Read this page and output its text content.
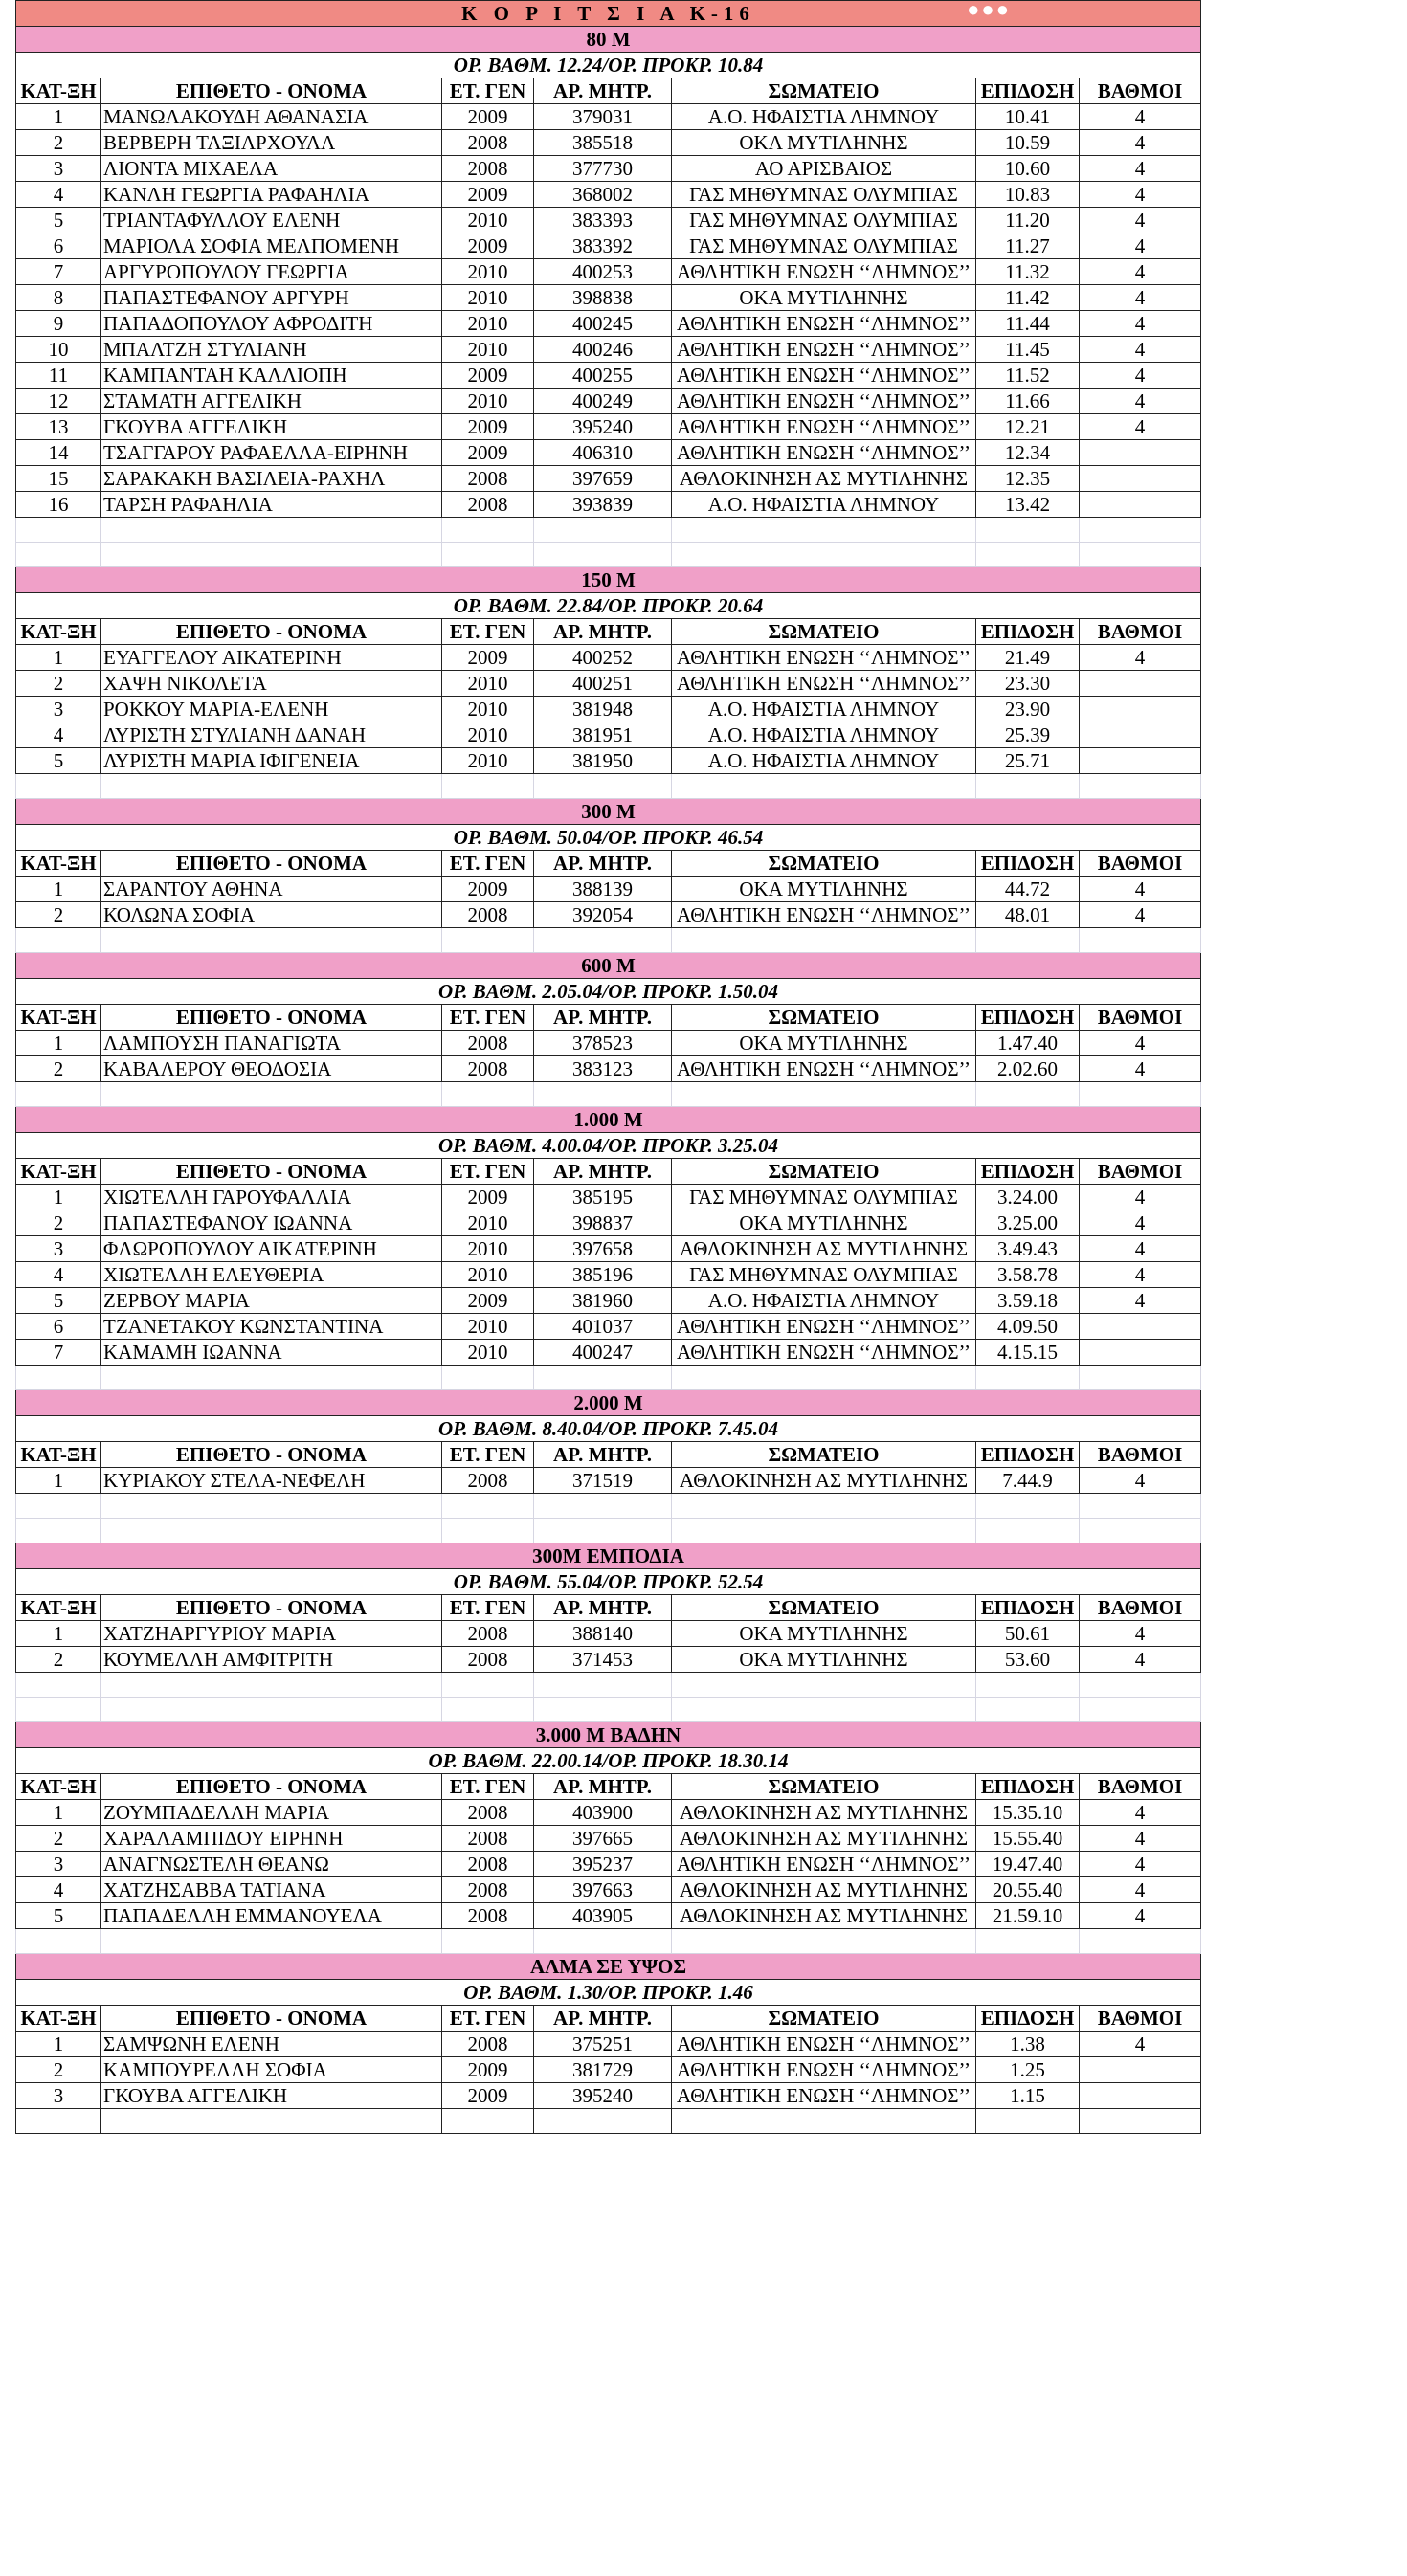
Κ Ο Ρ Ι Τ Σ Ι Α Κ-16 ●●●						

80 M						
ΟΡ. ΒΑΘΜ. 12.24/ΟΡ. ΠΡΟΚΡ. 10.84						
ΚΑΤ-ΞΗ	ΕΠΙΘΕΤΟ - ΟΝΟΜΑ	ΕΤ. ΓΕΝ	ΑΡ. ΜΗΤΡ.	ΣΩΜΑΤΕΙΟ	ΕΠΙΔΟΣΗ	ΒΑΘΜΟΙ
1	ΜΑΝΩΛΑΚΟΥΔΗ ΑΘΑΝΑΣΙΑ	2009	379031	Α.Ο. ΗΦΑΙΣΤΙΑ ΛΗΜΝΟΥ	10.41	4
2	ΒΕΡΒΕΡΗ ΤΑΞΙΑΡΧΟΥΛΑ	2008	385518	ΟΚΑ ΜΥΤΙΛΗΝΗΣ	10.59	4
3	ΛΙΟΝΤΑ ΜΙΧΑΕΛΑ	2008	377730	ΑΟ ΑΡΙΣΒΑΙΟΣ	10.60	4
4	ΚΑΝΛΗ ΓΕΩΡΓΙΑ ΡΑΦΑΗΛΙΑ	2009	368002	ΓΑΣ ΜΗΘΥΜΝΑΣ ΟΛΥΜΠΙΑΣ	10.83	4
5	ΤΡΙΑΝΤΑΦΥΛΛΟΥ ΕΛΕΝΗ	2010	383393	ΓΑΣ ΜΗΘΥΜΝΑΣ ΟΛΥΜΠΙΑΣ	11.20	4
6	ΜΑΡΙΟΛΑ ΣΟΦΙΑ ΜΕΛΠΟΜΕΝΗ	2009	383392	ΓΑΣ ΜΗΘΥΜΝΑΣ ΟΛΥΜΠΙΑΣ	11.27	4
7	ΑΡΓΥΡΟΠΟΥΛΟΥ ΓΕΩΡΓΙΑ	2010	400253	ΑΘΛΗΤΙΚΗ ΕΝΩΣΗ ‘‘ΛΗΜΝΟΣ’’	11.32	4
8	ΠΑΠΑΣΤΕΦΑΝΟΥ ΑΡΓΥΡΗ	2010	398838	ΟΚΑ ΜΥΤΙΛΗΝΗΣ	11.42	4
9	ΠΑΠΑΔΟΠΟΥΛΟΥ ΑΦΡΟΔΙΤΗ	2010	400245	ΑΘΛΗΤΙΚΗ ΕΝΩΣΗ ‘‘ΛΗΜΝΟΣ’’	11.44	4
10	ΜΠΑΛΤΖΗ ΣΤΥΛΙΑΝΗ	2010	400246	ΑΘΛΗΤΙΚΗ ΕΝΩΣΗ ‘‘ΛΗΜΝΟΣ’’	11.45	4
11	ΚΑΜΠΑΝΤΑΗ ΚΑΛΛΙΟΠΗ	2009	400255	ΑΘΛΗΤΙΚΗ ΕΝΩΣΗ ‘‘ΛΗΜΝΟΣ’’	11.52	4
12	ΣΤΑΜΑΤΗ ΑΓΓΕΛΙΚΗ	2010	400249	ΑΘΛΗΤΙΚΗ ΕΝΩΣΗ ‘‘ΛΗΜΝΟΣ’’	11.66	4
13	ΓΚΟΥΒΑ ΑΓΓΕΛΙΚΗ	2009	395240	ΑΘΛΗΤΙΚΗ ΕΝΩΣΗ ‘‘ΛΗΜΝΟΣ’’	12.21	4
14	ΤΣΑΓΓΑΡΟΥ ΡΑΦΑΕΛΛΑ-ΕΙΡΗΝΗ	2009	406310	ΑΘΛΗΤΙΚΗ ΕΝΩΣΗ ‘‘ΛΗΜΝΟΣ’’	12.34	
15	ΣΑΡΑΚΑΚΗ ΒΑΣΙΛΕΙΑ-ΡΑΧΗΛ	2008	397659	ΑΘΛΟΚΙΝΗΣΗ ΑΣ ΜΥΤΙΛΗΝΗΣ	12.35	
16	ΤΑΡΣΗ ΡΑΦΑΗΛΙΑ	2008	393839	Α.Ο. ΗΦΑΙΣΤΙΑ ΛΗΜΝΟΥ	13.42	

150 M						
ΟΡ. ΒΑΘΜ. 22.84/ΟΡ. ΠΡΟΚΡ. 20.64						
ΚΑΤ-ΞΗ	ΕΠΙΘΕΤΟ - ΟΝΟΜΑ	ΕΤ. ΓΕΝ	ΑΡ. ΜΗΤΡ.	ΣΩΜΑΤΕΙΟ	ΕΠΙΔΟΣΗ	ΒΑΘΜΟΙ
1	ΕΥΑΓΓΕΛΟΥ ΑΙΚΑΤΕΡΙΝΗ	2009	400252	ΑΘΛΗΤΙΚΗ ΕΝΩΣΗ ‘‘ΛΗΜΝΟΣ’’	21.49	4
2	ΧΑΨΗ ΝΙΚΟΛΕΤΑ	2010	400251	ΑΘΛΗΤΙΚΗ ΕΝΩΣΗ ‘‘ΛΗΜΝΟΣ’’	23.30	
3	ΡΟΚΚΟΥ ΜΑΡΙΑ-ΕΛΕΝΗ	2010	381948	Α.Ο. ΗΦΑΙΣΤΙΑ ΛΗΜΝΟΥ	23.90	
4	ΛΥΡΙΣΤΗ ΣΤΥΛΙΑΝΗ ΔΑΝΑΗ	2010	381951	Α.Ο. ΗΦΑΙΣΤΙΑ ΛΗΜΝΟΥ	25.39	
5	ΛΥΡΙΣΤΗ ΜΑΡΙΑ ΙΦΙΓΕΝΕΙΑ	2010	381950	Α.Ο. ΗΦΑΙΣΤΙΑ ΛΗΜΝΟΥ	25.71	

300 M						
ΟΡ. ΒΑΘΜ. 50.04/ΟΡ. ΠΡΟΚΡ. 46.54						
ΚΑΤ-ΞΗ	ΕΠΙΘΕΤΟ - ΟΝΟΜΑ	ΕΤ. ΓΕΝ	ΑΡ. ΜΗΤΡ.	ΣΩΜΑΤΕΙΟ	ΕΠΙΔΟΣΗ	ΒΑΘΜΟΙ
1	ΣΑΡΑΝΤΟΥ ΑΘΗΝΑ	2009	388139	ΟΚΑ ΜΥΤΙΛΗΝΗΣ	44.72	4
2	ΚΟΛΩΝΑ ΣΟΦΙΑ	2008	392054	ΑΘΛΗΤΙΚΗ ΕΝΩΣΗ ‘‘ΛΗΜΝΟΣ’’	48.01	4

600 M						
ΟΡ. ΒΑΘΜ. 2.05.04/ΟΡ. ΠΡΟΚΡ. 1.50.04						
ΚΑΤ-ΞΗ	ΕΠΙΘΕΤΟ - ΟΝΟΜΑ	ΕΤ. ΓΕΝ	ΑΡ. ΜΗΤΡ.	ΣΩΜΑΤΕΙΟ	ΕΠΙΔΟΣΗ	ΒΑΘΜΟΙ
1	ΛΑΜΠΟΥΣΗ ΠΑΝΑΓΙΩΤΑ	2008	378523	ΟΚΑ ΜΥΤΙΛΗΝΗΣ	1.47.40	4
2	ΚΑΒΑΛΕΡΟΥ ΘΕΟΔΟΣΙΑ	2008	383123	ΑΘΛΗΤΙΚΗ ΕΝΩΣΗ ‘‘ΛΗΜΝΟΣ’’	2.02.60	4

1.000 M						
ΟΡ. ΒΑΘΜ. 4.00.04/ΟΡ. ΠΡΟΚΡ. 3.25.04						
ΚΑΤ-ΞΗ	ΕΠΙΘΕΤΟ - ΟΝΟΜΑ	ΕΤ. ΓΕΝ	ΑΡ. ΜΗΤΡ.	ΣΩΜΑΤΕΙΟ	ΕΠΙΔΟΣΗ	ΒΑΘΜΟΙ
1	ΧΙΩΤΕΛΛΗ ΓΑΡΟΥΦΑΛΛΙΑ	2009	385195	ΓΑΣ ΜΗΘΥΜΝΑΣ ΟΛΥΜΠΙΑΣ	3.24.00	4
2	ΠΑΠΑΣΤΕΦΑΝΟΥ ΙΩΑΝΝΑ	2010	398837	ΟΚΑ ΜΥΤΙΛΗΝΗΣ	3.25.00	4
3	ΦΛΩΡΟΠΟΥΛΟΥ ΑΙΚΑΤΕΡΙΝΗ	2010	397658	ΑΘΛΟΚΙΝΗΣΗ ΑΣ ΜΥΤΙΛΗΝΗΣ	3.49.43	4
4	ΧΙΩΤΕΛΛΗ ΕΛΕΥΘΕΡΙΑ	2010	385196	ΓΑΣ ΜΗΘΥΜΝΑΣ ΟΛΥΜΠΙΑΣ	3.58.78	4
5	ΖΕΡΒΟΥ ΜΑΡΙΑ	2009	381960	Α.Ο. ΗΦΑΙΣΤΙΑ ΛΗΜΝΟΥ	3.59.18	4
6	ΤΖΑΝΕΤΑΚΟΥ ΚΩΝΣΤΑΝΤΙΝΑ	2010	401037	ΑΘΛΗΤΙΚΗ ΕΝΩΣΗ ‘‘ΛΗΜΝΟΣ’’	4.09.50	
7	ΚΑΜΑΜΗ ΙΩΑΝΝΑ	2010	400247	ΑΘΛΗΤΙΚΗ ΕΝΩΣΗ ‘‘ΛΗΜΝΟΣ’’	4.15.15	

2.000 M						
ΟΡ. ΒΑΘΜ. 8.40.04/ΟΡ. ΠΡΟΚΡ. 7.45.04						
ΚΑΤ-ΞΗ	ΕΠΙΘΕΤΟ - ΟΝΟΜΑ	ΕΤ. ΓΕΝ	ΑΡ. ΜΗΤΡ.	ΣΩΜΑΤΕΙΟ	ΕΠΙΔΟΣΗ	ΒΑΘΜΟΙ
1	ΚΥΡΙΑΚΟΥ ΣΤΕΛΑ-ΝΕΦΕΛΗ	2008	371519	ΑΘΛΟΚΙΝΗΣΗ ΑΣ ΜΥΤΙΛΗΝΗΣ	7.44.9	4

300Μ ΕΜΠΟΔΙΑ						
ΟΡ. ΒΑΘΜ. 55.04/ΟΡ. ΠΡΟΚΡ. 52.54						
ΚΑΤ-ΞΗ	ΕΠΙΘΕΤΟ - ΟΝΟΜΑ	ΕΤ. ΓΕΝ	ΑΡ. ΜΗΤΡ.	ΣΩΜΑΤΕΙΟ	ΕΠΙΔΟΣΗ	ΒΑΘΜΟΙ
1	ΧΑΤΖΗΑΡΓΥΡΙΟΥ ΜΑΡΙΑ	2008	388140	ΟΚΑ ΜΥΤΙΛΗΝΗΣ	50.61	4
2	ΚΟΥΜΕΛΛΗ ΑΜΦΙΤΡΙΤΗ	2008	371453	ΟΚΑ ΜΥΤΙΛΗΝΗΣ	53.60	4

3.000 Μ ΒΑΔΗΝ						
ΟΡ. ΒΑΘΜ. 22.00.14/ΟΡ. ΠΡΟΚΡ. 18.30.14						
ΚΑΤ-ΞΗ	ΕΠΙΘΕΤΟ - ΟΝΟΜΑ	ΕΤ. ΓΕΝ	ΑΡ. ΜΗΤΡ.	ΣΩΜΑΤΕΙΟ	ΕΠΙΔΟΣΗ	ΒΑΘΜΟΙ
1	ΖΟΥΜΠΑΔΕΛΛΗ ΜΑΡΙΑ	2008	403900	ΑΘΛΟΚΙΝΗΣΗ ΑΣ ΜΥΤΙΛΗΝΗΣ	15.35.10	4
2	ΧΑΡΑΛΑΜΠΙΔΟΥ ΕΙΡΗΝΗ	2008	397665	ΑΘΛΟΚΙΝΗΣΗ ΑΣ ΜΥΤΙΛΗΝΗΣ	15.55.40	4
3	ΑΝΑΓΝΩΣΤΕΛΗ ΘΕΑΝΩ	2008	395237	ΑΘΛΗΤΙΚΗ ΕΝΩΣΗ ‘‘ΛΗΜΝΟΣ’’	19.47.40	4
4	ΧΑΤΖΗΣΑΒΒΑ ΤΑΤΙΑΝΑ	2008	397663	ΑΘΛΟΚΙΝΗΣΗ ΑΣ ΜΥΤΙΛΗΝΗΣ	20.55.40	4
5	ΠΑΠΑΔΕΛΛΗ ΕΜΜΑΝΟΥΕΛΑ	2008	403905	ΑΘΛΟΚΙΝΗΣΗ ΑΣ ΜΥΤΙΛΗΝΗΣ	21.59.10	4

ΑΛΜΑ ΣΕ ΥΨΟΣ						
ΟΡ. ΒΑΘΜ. 1.30/ΟΡ. ΠΡΟΚΡ. 1.46						
ΚΑΤ-ΞΗ	ΕΠΙΘΕΤΟ - ΟΝΟΜΑ	ΕΤ. ΓΕΝ	ΑΡ. ΜΗΤΡ.	ΣΩΜΑΤΕΙΟ	ΕΠΙΔΟΣΗ	ΒΑΘΜΟΙ
1	ΣΑΜΨΩΝΗ ΕΛΕΝΗ	2008	375251	ΑΘΛΗΤΙΚΗ ΕΝΩΣΗ ‘‘ΛΗΜΝΟΣ’’	1.38	4
2	ΚΑΜΠΟΥΡΕΛΛΗ ΣΟΦΙΑ	2009	381729	ΑΘΛΗΤΙΚΗ ΕΝΩΣΗ ‘‘ΛΗΜΝΟΣ’’	1.25	
3	ΓΚΟΥΒΑ ΑΓΓΕΛΙΚΗ	2009	395240	ΑΘΛΗΤΙΚΗ ΕΝΩΣΗ ‘‘ΛΗΜΝΟΣ’’	1.15	
